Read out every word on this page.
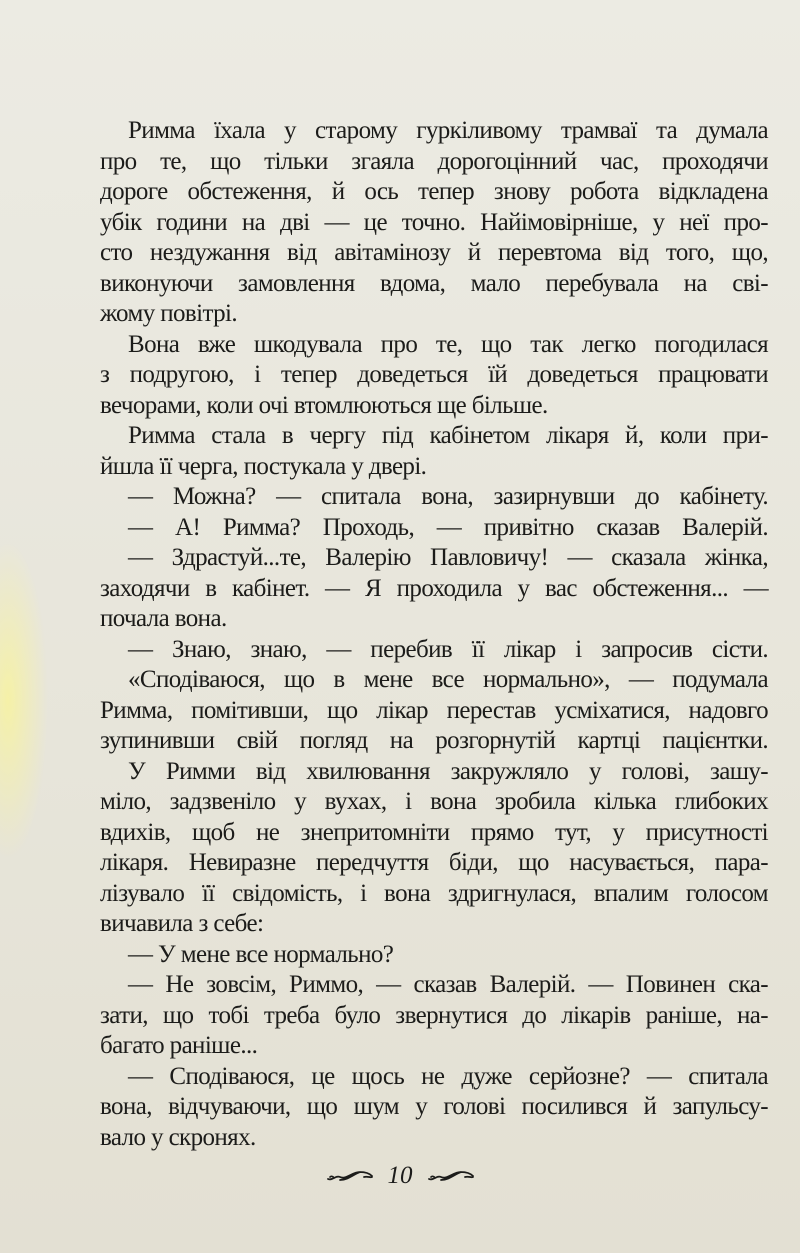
Римма їхала у старому гуркіливому трамваї та думала
про те, що тільки згаяла дорогоцінний час, проходячи
дороге обстеження, й ось тепер знову робота відкладена
убік години на дві — це точно. Найімовірніше, у неї про-
сто нездужання від авітамінозу й перевтома від того, що,
виконуючи замовлення вдома, мало перебувала на сві-
жому повітрі.
Вона вже шкодувала про те, що так легко погодилася
з подругою, і тепер доведеться їй доведеться працювати
вечорами, коли очі втомлюються ще більше.
Римма стала в чергу під кабінетом лікаря й, коли при-
йшла її черга, постукала у двері.
— Можна? — спитала вона, зазирнувши до кабінету.
— А! Римма? Проходь, — привітно сказав Валерій.
— Здрастуй...те, Валерію Павловичу! — сказала жінка,
заходячи в кабінет. — Я проходила у вас обстеження... —
почала вона.
— Знаю, знаю, — перебив її лікар і запросив сісти.
«Сподіваюся, що в мене все нормально», — подумала
Римма, помітивши, що лікар перестав усміхатися, надовго
зупинивши свій погляд на розгорнутій картці пацієнтки.
У Римми від хвилювання закружляло у голові, зашу-
міло, задзвеніло у вухах, і вона зробила кілька глибоких
вдихів, щоб не знепритомніти прямо тут, у присутності
лікаря. Невиразне передчуття біди, що насувається, пара-
лізувало її свідомість, і вона здригнулася, впалим голосом
вичавила з себе:
— У мене все нормально?
— Не зовсім, Риммо, — сказав Валерій. — Повинен ска-
зати, що тобі треба було звернутися до лікарів раніше, на-
багато раніше...
— Сподіваюся, це щось не дуже серйозне? — спитала
вона, відчуваючи, що шум у голові посилився й запульсу-
вало у скронях.
10
